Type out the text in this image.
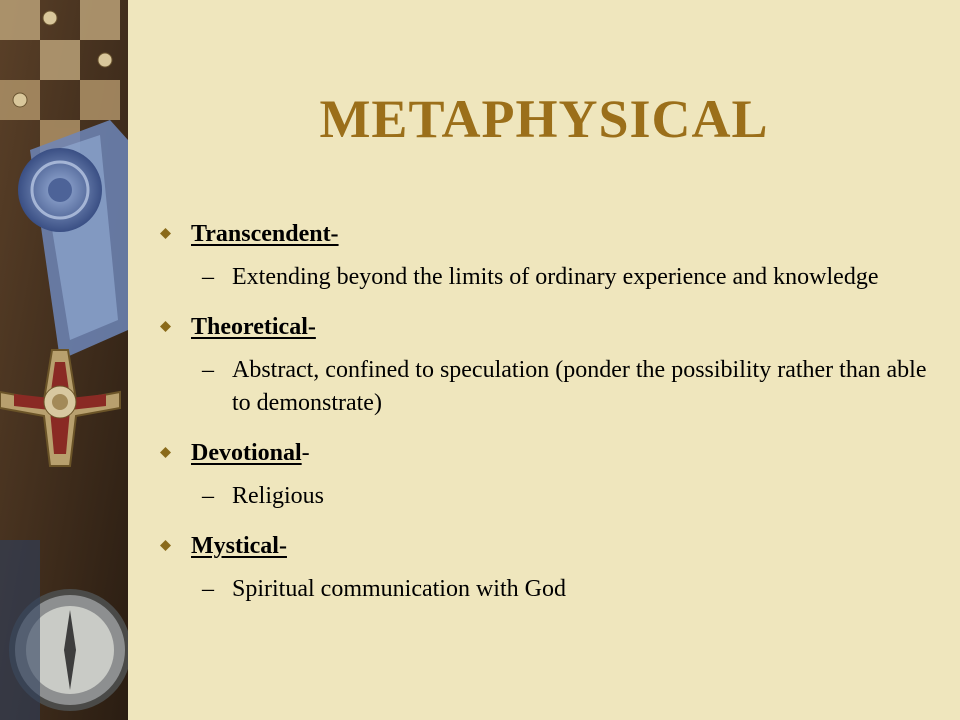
METAPHYSICAL
Transcendent-
– Extending beyond the limits of ordinary experience and knowledge
Theoretical-
– Abstract, confined to speculation (ponder the possibility rather than able to demonstrate)
Devotional-
– Religious
Mystical-
– Spiritual communication with God
